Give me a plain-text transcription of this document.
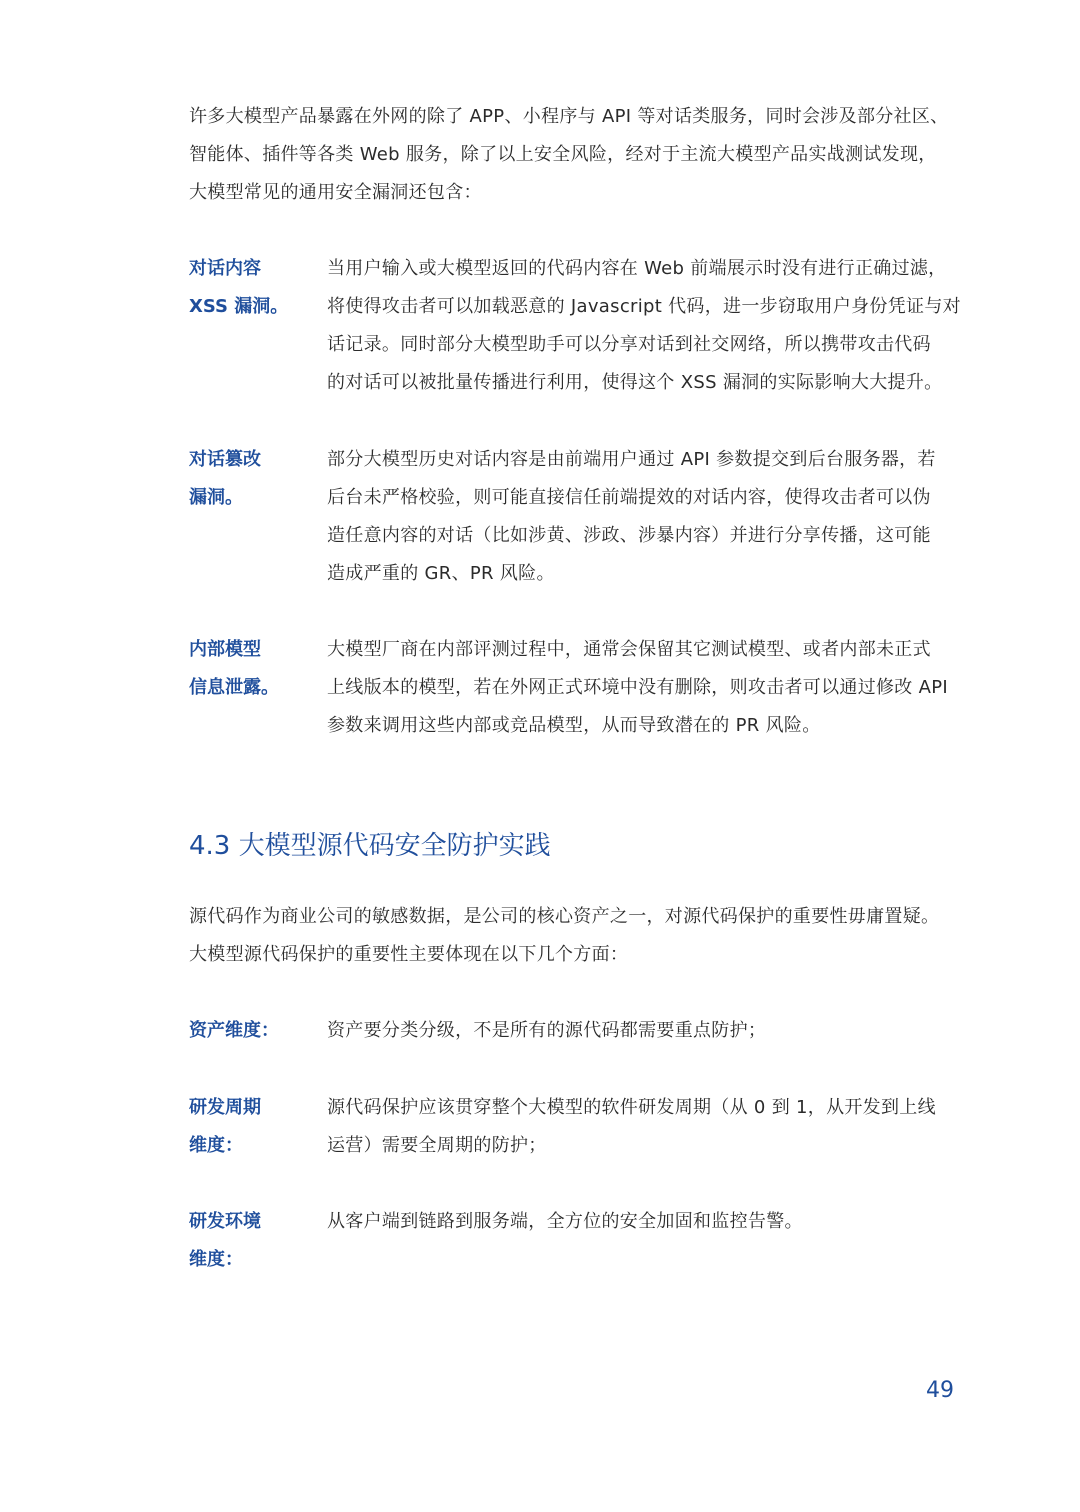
许多大模型产品暴露在外网的除了 APP、小程序与 API 等对话类服务，同时会涉及部分社区、
智能体、插件等各类 Web 服务，除了以上安全风险，经对于主流大模型产品实战测试发现，
大模型常见的通用安全漏洞还包含：
对话内容
XSS 漏洞。
当用户输入或大模型返回的代码内容在 Web 前端展示时没有进行正确过滤，
将使得攻击者可以加载恶意的 Javascript 代码，进一步窃取用户身份凭证与对
话记录。同时部分大模型助手可以分享对话到社交网络，所以携带攻击代码
的对话可以被批量传播进行利用，使得这个 XSS 漏洞的实际影响大大提升。
对话篡改
漏洞。
部分大模型历史对话内容是由前端用户通过 API 参数提交到后台服务器，若
后台未严格校验，则可能直接信任前端提效的对话内容，使得攻击者可以伪
造任意内容的对话（比如涉黄、涉政、涉暴内容）并进行分享传播，这可能
造成严重的 GR、PR 风险。
内部模型
信息泄露。
大模型厂商在内部评测过程中，通常会保留其它测试模型、或者内部未正式
上线版本的模型，若在外网正式环境中没有删除，则攻击者可以通过修改 API
参数来调用这些内部或竞品模型，从而导致潜在的 PR 风险。
4.3 大模型源代码安全防护实践
源代码作为商业公司的敏感数据，是公司的核心资产之一，对源代码保护的重要性毋庸置疑。
大模型源代码保护的重要性主要体现在以下几个方面：
资产维度：	资产要分类分级，不是所有的源代码都需要重点防护；
研发周期
维度：
源代码保护应该贯穿整个大模型的软件研发周期（从 0 到 1，从开发到上线
运营）需要全周期的防护；
研发环境
维度：
从客户端到链路到服务端，全方位的安全加固和监控告警。
49
